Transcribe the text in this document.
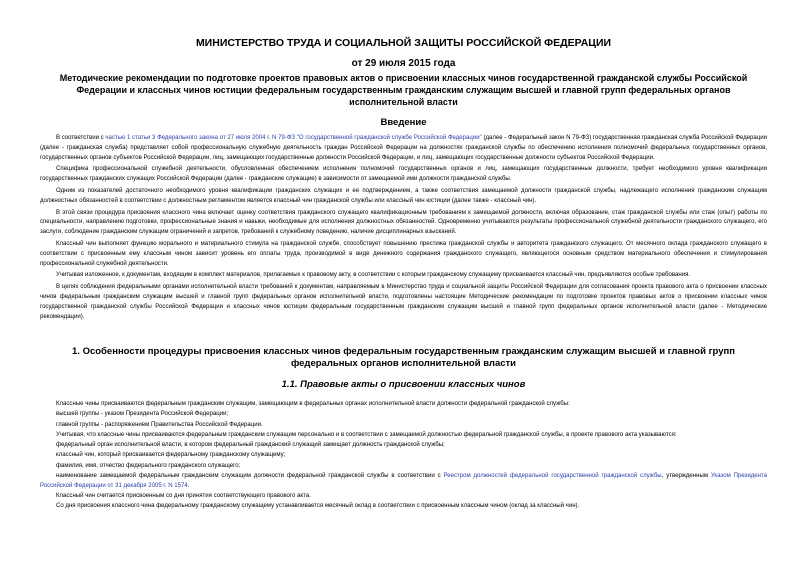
МИНИСТЕРСТВО ТРУДА И СОЦИАЛЬНОЙ ЗАЩИТЫ РОССИЙСКОЙ ФЕДЕРАЦИИ
от 29 июля 2015 года
Методические рекомендации по подготовке проектов правовых актов о присвоении классных чинов государственной гражданской службы Российской Федерации и классных чинов юстиции федеральным государственным гражданским служащим высшей и главной групп федеральных органов исполнительной власти
Введение

В соответствии с частью 1 статьи 3 Федерального закона от 27 июля 2004 г. N 79-ФЗ "О государственной гражданской службе Российской Федерации" (далее - Федеральный закон N 79-ФЗ) государственная гражданская служба Российской Федерации (далее - гражданская служба) представляет собой профессиональную служебную деятельность граждан Российской Федерации на должностях гражданской службы по обеспечению исполнения полномочий федеральных государственных органов, государственных органов субъектов Российской Федерации, лиц, замещающих государственные должности Российской Федерации, и лиц, замещающих государственные должности субъектов Российской Федерации.

Специфика профессиональной служебной деятельности, обусловленная обеспечением исполнения полномочий государственных органов и лиц, замещающих государственные должности, требует необходимого уровня квалификации государственных гражданских служащих Российской Федерации (далее - гражданские служащие) в зависимости от замещаемой ими должности гражданской службы.

Одним из показателей достаточного необходимого уровня квалификации гражданских служащих и ее подтверждением, а также соответствия замещаемой должности гражданской службы, надлежащего исполнения гражданским служащим должностных обязанностей в соответствии с должностным регламентом является классный чин гражданской службы или классный чин юстиции (далее также - классный чин).

В этой связи процедура присвоения классного чина включает оценку соответствия гражданского служащего квалификационным требованиям к замещаемой должности, включая образование, стаж гражданской службы или стаж (опыт) работы по специальности, направлению подготовки, профессиональные знания и навыки, необходимые для исполнения должностных обязанностей. Одновременно учитываются результаты профессиональной служебной деятельности гражданского служащего, его заслуги, соблюдение гражданским служащим ограничений и запретов, требований к служебному поведению, наличие дисциплинарных взысканий.

Классный чин выполняет функцию морального и материального стимула на гражданской службе, способствует повышению престижа гражданской службы и авторитета гражданского служащего. От месячного оклада гражданского служащего в соответствии с присвоенным ему классным чином зависит уровень его оплаты труда, производимой в виде денежного содержания гражданского служащего, являющегося основным средством материального обеспечения и стимулирования профессиональной служебной деятельности.

Учитывая изложенное, к документам, входящим в комплект материалов, прилагаемых к правовому акту, в соответствии с которым гражданскому служащему присваивается классный чин, предъявляются особые требования.

В целях соблюдения федеральными органами исполнительной власти требований к документам, направляемым в Министерство труда и социальной защиты Российской Федерации для согласования проекта правового акта о присвоении классных чинов федеральным гражданским служащим высшей и главной групп федеральных органов исполнительной власти, подготовлены настоящие Методические рекомендации по подготовке проектов правовых актов о присвоении классных чинов государственной гражданской службы Российской Федерации и классных чинов юстиции федеральным государственным гражданским служащим высшей и главной групп федеральных органов исполнительной власти (далее - Методические рекомендации).

1. Особенности процедуры присвоения классных чинов федеральным государственным гражданским служащим высшей и главной групп федеральных органов исполнительной власти
1.1. Правовые акты о присвоении классных чинов

Классные чины присваиваются федеральным гражданским служащим, замещающим в федеральных органах исполнительной власти должности федеральной гражданской службы:

высшей группы - указом Президента Российской Федерации;

главной группы - распоряжением Правительства Российской Федерации.

Учитывая, что классные чины присваиваются федеральным гражданским служащим персонально и в соответствии с замещаемой должностью федеральной гражданской службы, в проекте правового акта указываются:

федеральный орган исполнительной власти, в котором федеральный гражданский служащий замещает должность гражданской службы;

классный чин, который присваивается федеральному гражданскому служащему;

фамилия, имя, отчество федерального гражданского служащего;

наименование замещаемой федеральным гражданским служащим должности федеральной гражданской службы в соответствии с Реестром должностей федеральной государственной гражданской службы, утвержденным Указом Президента Российской Федерации от 31 декабря 2005 г. N 1574.

Классный чин считается присвоенным со дня принятия соответствующего правового акта.

Со дня присвоения классного чина федеральному гражданскому служащему устанавливается месячный оклад в соответствии с присвоенным классным чином (оклад за классный чин).
